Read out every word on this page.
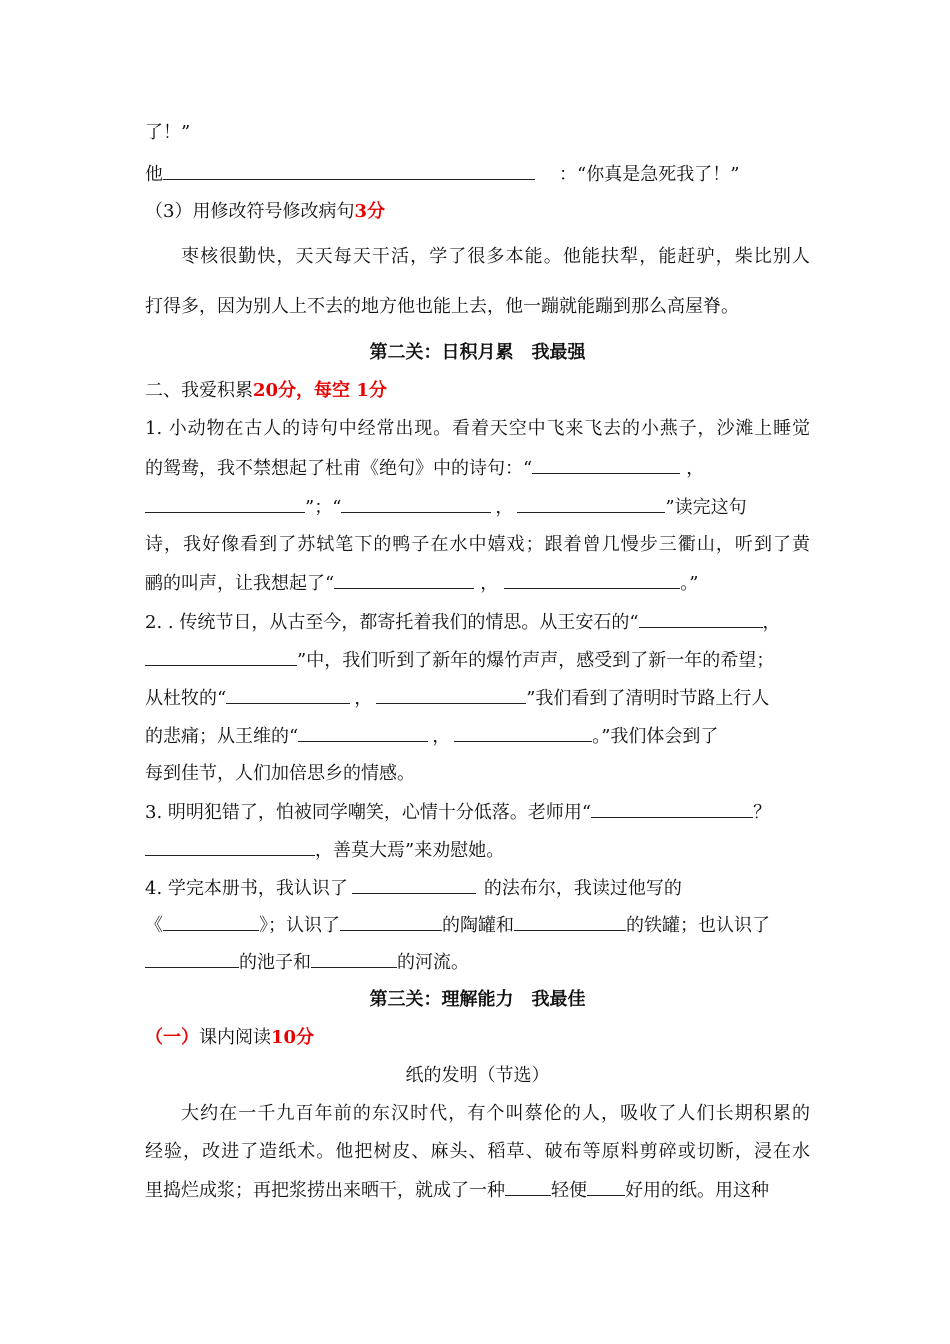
了！”
他	：“你真是急死我了！”
（3）用修改符号修改病句3分
枣核很勤快，天天每天干活，学了很多本能。他能扶犁，能赶驴，柴比别人
打得多，因为别人上不去的地方他也能上去，他一蹦就能蹦到那么高屋脊。
第二关：日积月累　我最强
二、我爱积累20分，每空 1分
1. 小动物在古人的诗句中经常出现。看着天空中飞来飞去的小燕子，沙滩上睡觉
的鸳鸯，我不禁想起了杜甫《绝句》中的诗句：“	，
”；“	，	”读完这句
诗，我好像看到了苏轼笔下的鸭子在水中嬉戏；跟着曾几慢步三衢山，听到了黄
鹂的叫声，让我想起了“	，	。”
2. . 传统节日，从古至今，都寄托着我们的情思。从王安石的“	，
”中，我们听到了新年的爆竹声声，感受到了新一年的希望；
从杜牧的“	，	”我们看到了清明时节路上行人
的悲痛；从王维的“	，	。”我们体会到了
每到佳节，人们加倍思乡的情感。
3. 明明犯错了，怕被同学嘲笑，心情十分低落。老师用“	？
，善莫大焉”来劝慰她。
4. 学完本册书，我认识了	的法布尔，我读过他写的
《	》；认识了	的陶罐和	的铁罐；也认识了
的池子和	的河流。
第三关：理解能力　我最佳
（一）课内阅读10分
纸的发明（节选）
大约在一千九百年前的东汉时代，有个叫蔡伦的人，吸收了人们长期积累的
经验，改进了造纸术。他把树皮、麻头、稻草、破布等原料剪碎或切断，浸在水
里捣烂成浆；再把浆捞出来晒干，就成了一种	轻便 好用的纸。用这种
